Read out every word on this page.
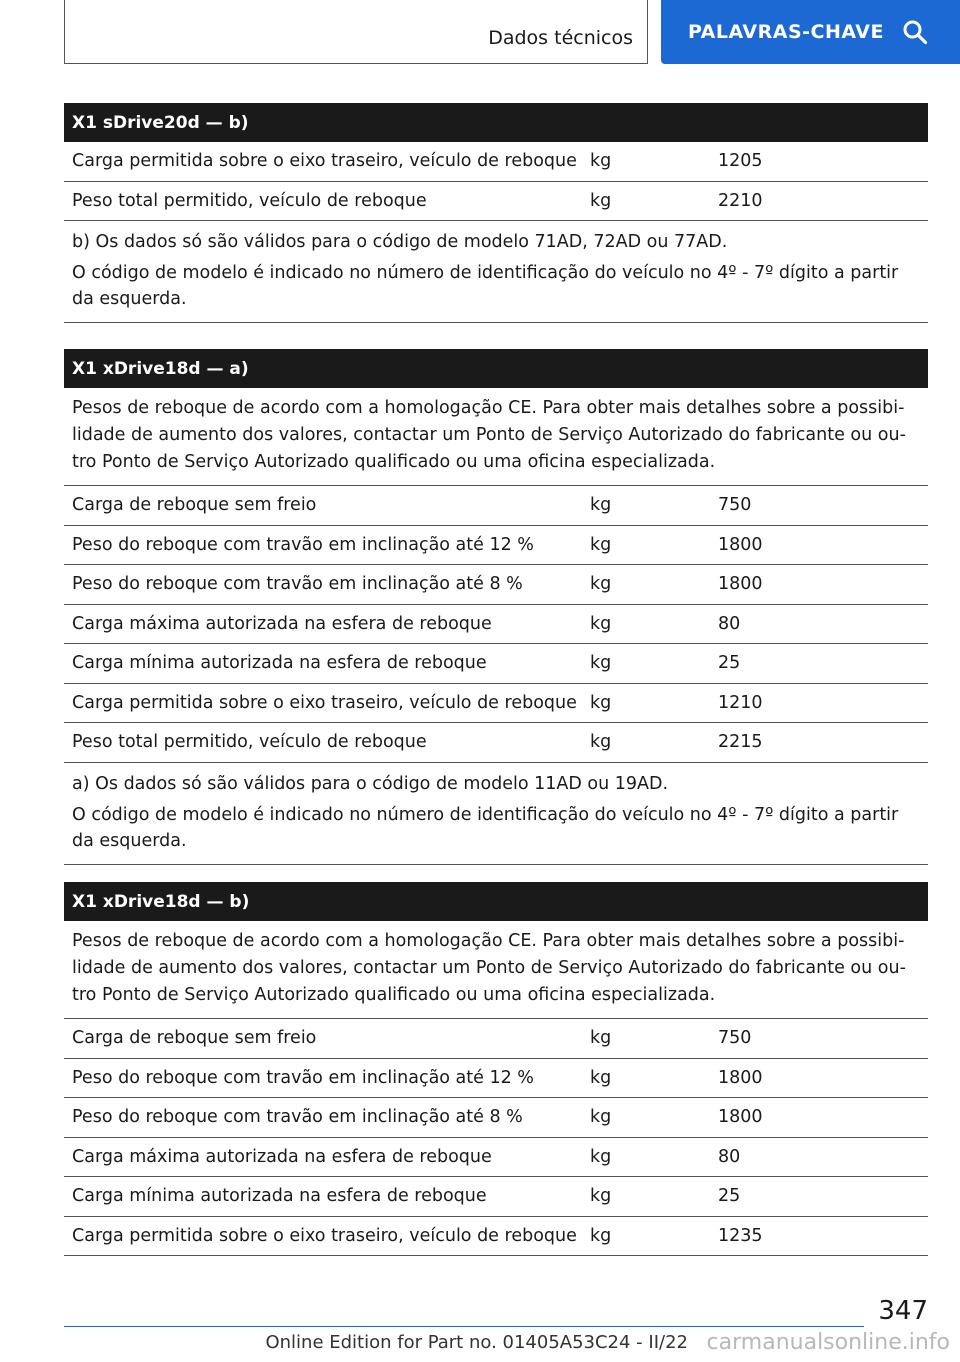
Dados técnicos	PALAVRAS-CHAVE
X1 sDrive20d — b)
Carga permitida sobre o eixo traseiro, veículo de reboque kg	1205
Peso total permitido, veículo de reboque	kg	2210

b) Os dados só são válidos para o código de modelo 71AD, 72AD ou 77AD.

O código de modelo é indicado no número de identificação do veículo no 4º - 7º dígito a partir da esquerda.

X1 xDrive18d — a)
Pesos de reboque de acordo com a homologação CE. Para obter mais detalhes sobre a possibilidade de aumento dos valores, contactar um Ponto de Serviço Autorizado do fabricante ou outro Ponto de Serviço Autorizado qualificado ou uma oficina especializada.
Carga de reboque sem freio	kg	750
Peso do reboque com travão em inclinação até 12 %	kg	1800
Peso do reboque com travão em inclinação até 8 %	kg	1800
Carga máxima autorizada na esfera de reboque	kg	80
Carga mínima autorizada na esfera de reboque	kg	25
Carga permitida sobre o eixo traseiro, veículo de reboque kg	1210
Peso total permitido, veículo de reboque	kg	2215

a) Os dados só são válidos para o código de modelo 11AD ou 19AD.

O código de modelo é indicado no número de identificação do veículo no 4º - 7º dígito a partir da esquerda.

X1 xDrive18d — b)
Pesos de reboque de acordo com a homologação CE. Para obter mais detalhes sobre a possibilidade de aumento dos valores, contactar um Ponto de Serviço Autorizado do fabricante ou outro Ponto de Serviço Autorizado qualificado ou uma oficina especializada.
Carga de reboque sem freio	kg	750
Peso do reboque com travão em inclinação até 12 %	kg	1800
Peso do reboque com travão em inclinação até 8 %	kg	1800
Carga máxima autorizada na esfera de reboque	kg	80
Carga mínima autorizada na esfera de reboque	kg	25
Carga permitida sobre o eixo traseiro, veículo de reboque kg	1235
347
Online Edition for Part no. 01405A53C24 - II/22 carmanualsonline.info
